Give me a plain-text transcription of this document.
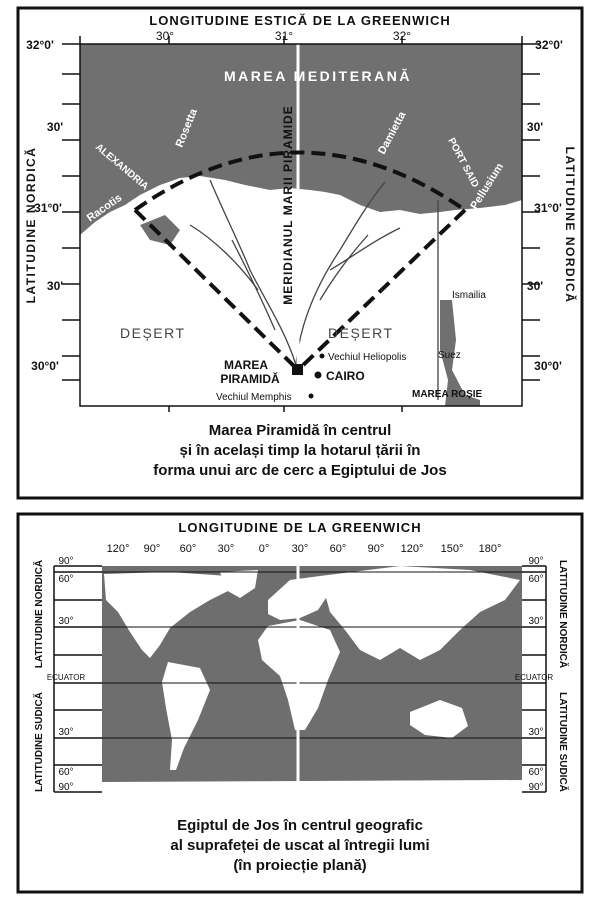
LONGITUDINE ESTICĂ DE LA GREENWICH
30°	31°	32°
32°0'
30'
31°0'
30'
30°0'
32°0'
30'
31°0'
30'
30°0'
LATITUDINE NORDICĂ	LATITUDINE NORDICĂ
MAREA MEDITERANĂ
MERIDIANUL MARII PIRAMIDE
ALEXANDRIA
Racotis
Rosetta	Damietta
PORT SAID
Pellusium
Ismailia
Suez
DEȘERT	DEȘERT
MAREA
PIRAMIDĂ	CAIRO
Vechiul Heliopolis
Vechiul Memphis	MAREA ROȘIE
LONGITUDINE DE LA GREENWICH
120° 90° 60° 30° 0° 30° 60° 90° 120° 150° 180°
90°
60°
30°
ECUATOR
30°
60°
90°
90°
60°
30°
ECUATOR
30°
60°
90°
LATITUDINE NORDICĂ
LATITUDINE SUDICĂ
LATITUDINE NORDICĂ
LATITUDINE SUDICĂ
Marea Piramidă în centrul
și în același timp la hotarul țării în
forma unui arc de cerc a Egiptului de Jos
Egiptul de Jos în centrul geografic
al suprafeței de uscat al întregii lumi
(în proiecție plană)
